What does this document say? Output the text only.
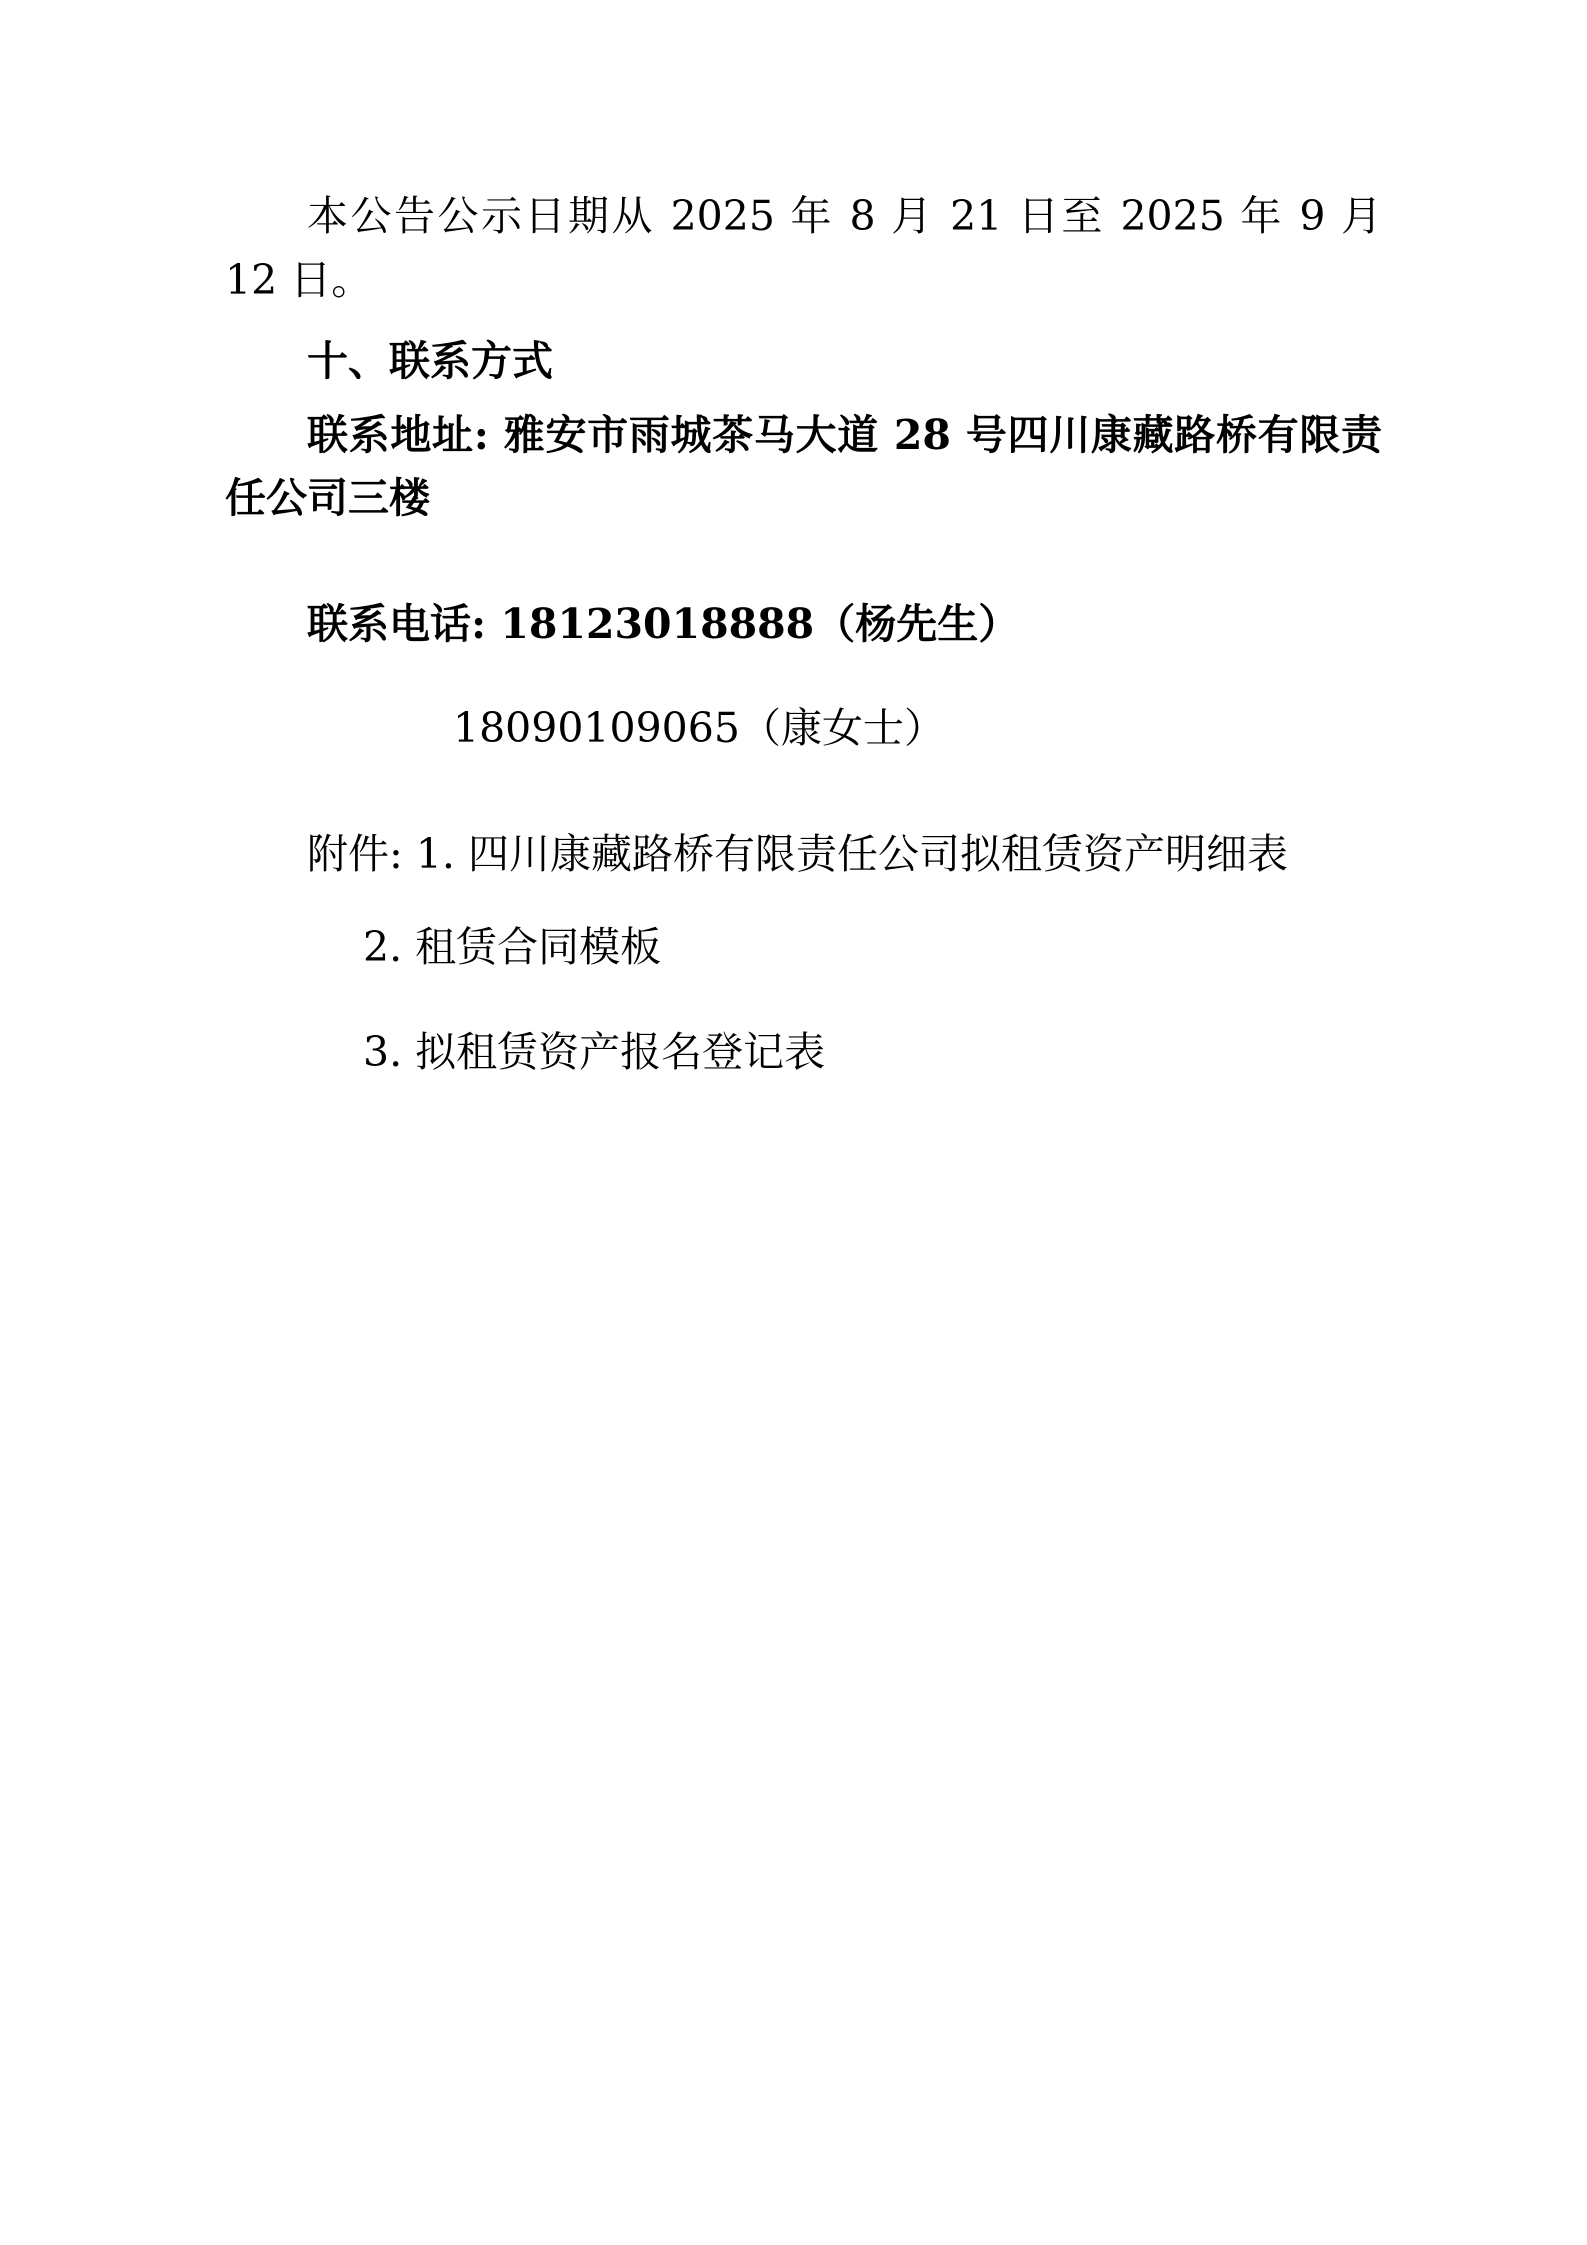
本公告公示日期从 2025 年 8 月 21 日至 2025 年 9 月 12 日。

十、联系方式

联系地址: 雅安市雨城茶马大道 28 号四川康藏路桥有限责任公司三楼

联系电话: 18123018888（杨先生）

18090109065（康女士）

附件: 1. 四川康藏路桥有限责任公司拟租赁资产明细表

2. 租赁合同模板

3. 拟租赁资产报名登记表
